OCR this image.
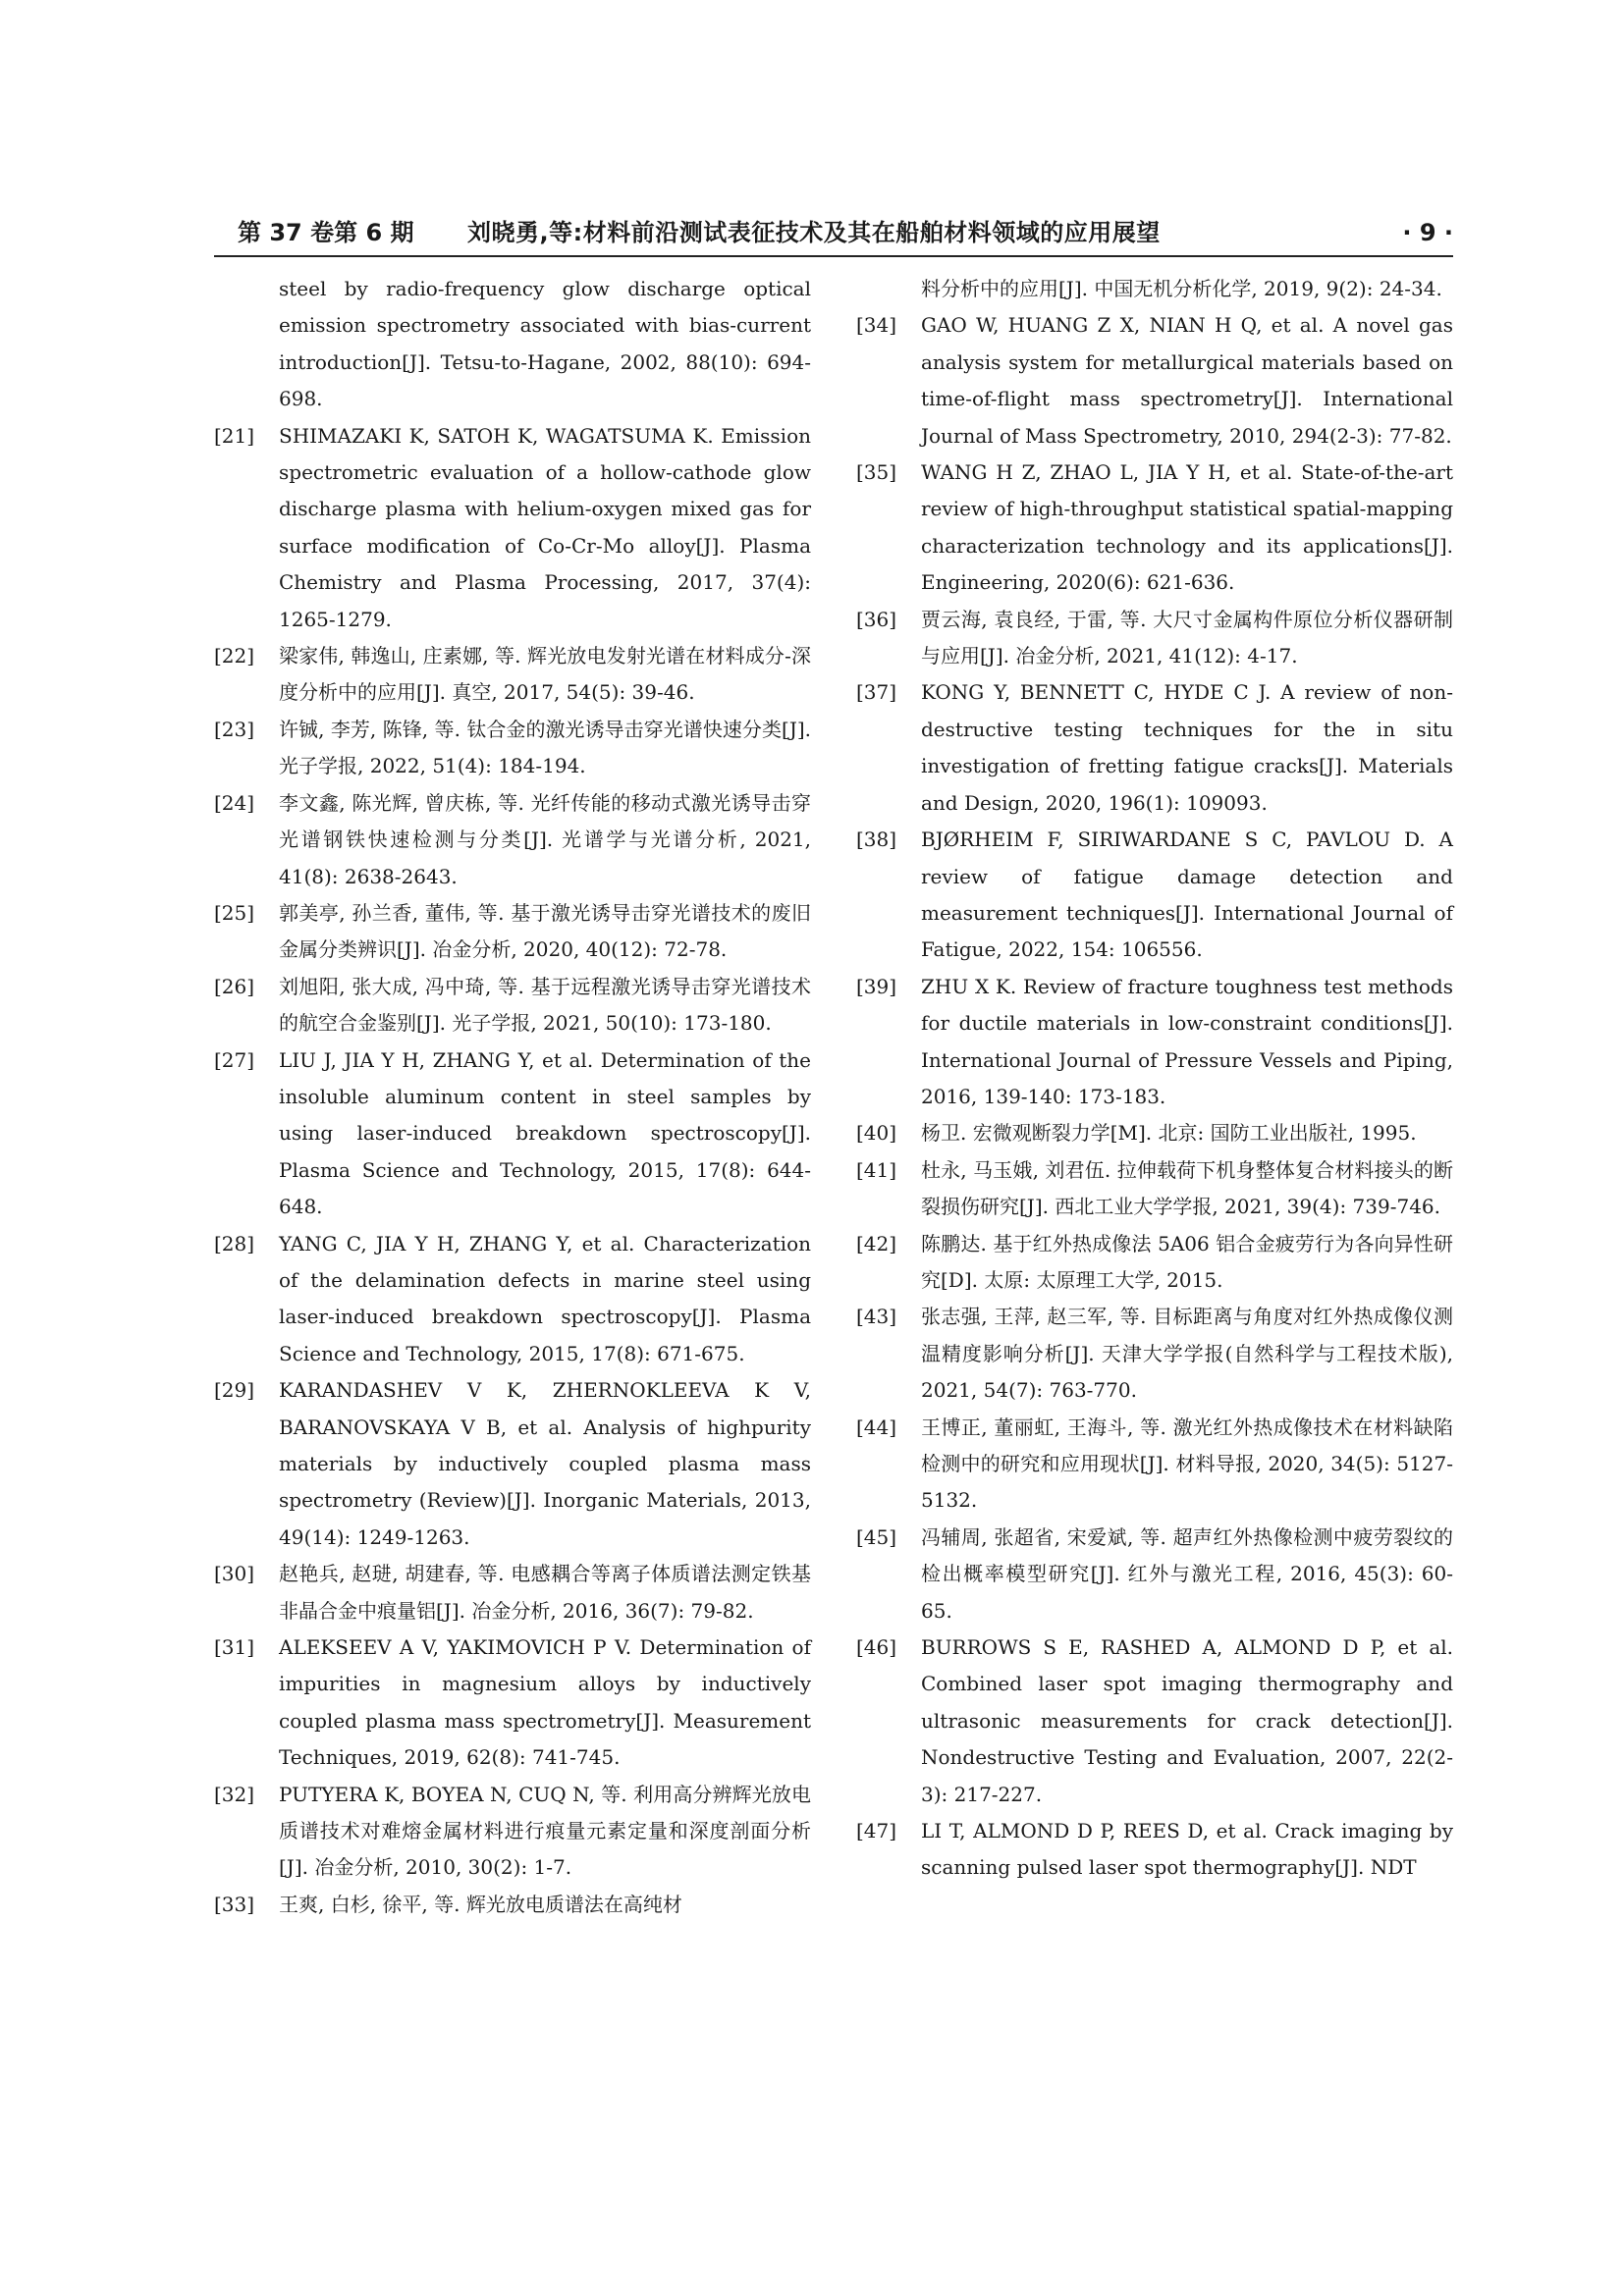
第 37 卷第 6 期 刘晓勇,等:材料前沿测试表征技术及其在船舶材料领域的应用展望	· 9 ·
steel by radio-frequency glow discharge optical emission spectrometry associated with bias-current introduction[J]. Tetsu-to-Hagane, 2002, 88(10): 694-698.
[21] SHIMAZAKI K, SATOH K, WAGATSUMA K. Emission spectrometric evaluation of a hollow-cathode glow discharge plasma with helium-oxygen mixed gas for surface modification of Co-Cr-Mo alloy[J]. Plasma Chemistry and Plasma Processing, 2017, 37(4): 1265-1279.
[22] 梁家伟, 韩逸山, 庄素娜, 等. 辉光放电发射光谱在材料成分-深度分析中的应用[J]. 真空, 2017, 54(5): 39-46.
[23] 许铖, 李芳, 陈锋, 等. 钛合金的激光诱导击穿光谱快速分类[J]. 光子学报, 2022, 51(4): 184-194.
[24] 李文鑫, 陈光辉, 曾庆栋, 等. 光纤传能的移动式激光诱导击穿光谱钢铁快速检测与分类[J]. 光谱学与光谱分析, 2021, 41(8): 2638-2643.
[25] 郭美亭, 孙兰香, 董伟, 等. 基于激光诱导击穿光谱技术的废旧金属分类辨识[J]. 冶金分析, 2020, 40(12): 72-78.
[26] 刘旭阳, 张大成, 冯中琦, 等. 基于远程激光诱导击穿光谱技术的航空合金鉴别[J]. 光子学报, 2021, 50(10): 173-180.
[27] LIU J, JIA Y H, ZHANG Y, et al. Determination of the insoluble aluminum content in steel samples by using laser-induced breakdown spectroscopy[J]. Plasma Science and Technology, 2015, 17(8): 644-648.
[28] YANG C, JIA Y H, ZHANG Y, et al. Characterization of the delamination defects in marine steel using laser-induced breakdown spectroscopy[J]. Plasma Science and Technology, 2015, 17(8): 671-675.
[29] KARANDASHEV V K, ZHERNOKLEEVA K V, BARANOVSKAYA V B, et al. Analysis of highpurity materials by inductively coupled plasma mass spectrometry (Review)[J]. Inorganic Materials, 2013, 49(14): 1249-1263.
[30] 赵艳兵, 赵琎, 胡建春, 等. 电感耦合等离子体质谱法测定铁基非晶合金中痕量铝[J]. 冶金分析, 2016, 36(7): 79-82.
[31] ALEKSEEV A V, YAKIMOVICH P V. Determination of impurities in magnesium alloys by inductively coupled plasma mass spectrometry[J]. Measurement Techniques, 2019, 62(8): 741-745.
[32] PUTYERA K, BOYEA N, CUQ N, 等. 利用高分辨辉光放电质谱技术对难熔金属材料进行痕量元素定量和深度剖面分析[J]. 冶金分析, 2010, 30(2): 1-7.
[33] 王爽, 白杉, 徐平, 等. 辉光放电质谱法在高纯材
料分析中的应用[J]. 中国无机分析化学, 2019, 9(2): 24-34.
[34] GAO W, HUANG Z X, NIAN H Q, et al. A novel gas analysis system for metallurgical materials based on time-of-flight mass spectrometry[J]. International Journal of Mass Spectrometry, 2010, 294(2-3): 77-82.
[35] WANG H Z, ZHAO L, JIA Y H, et al. State-of-the-art review of high-throughput statistical spatial-mapping characterization technology and its applications[J]. Engineering, 2020(6): 621-636.
[36] 贾云海, 袁良经, 于雷, 等. 大尺寸金属构件原位分析仪器研制与应用[J]. 冶金分析, 2021, 41(12): 4-17.
[37] KONG Y, BENNETT C, HYDE C J. A review of non-destructive testing techniques for the in situ investigation of fretting fatigue cracks[J]. Materials and Design, 2020, 196(1): 109093.
[38] BJØRHEIM F, SIRIWARDANE S C, PAVLOU D. A review of fatigue damage detection and measurement techniques[J]. International Journal of Fatigue, 2022, 154: 106556.
[39] ZHU X K. Review of fracture toughness test methods for ductile materials in low-constraint conditions[J]. International Journal of Pressure Vessels and Piping, 2016, 139-140: 173-183.
[40] 杨卫. 宏微观断裂力学[M]. 北京: 国防工业出版社, 1995.
[41] 杜永, 马玉娥, 刘君伍. 拉伸载荷下机身整体复合材料接头的断裂损伤研究[J]. 西北工业大学学报, 2021, 39(4): 739-746.
[42] 陈鹏达. 基于红外热成像法 5A06 铝合金疲劳行为各向异性研究[D]. 太原: 太原理工大学, 2015.
[43] 张志强, 王萍, 赵三军, 等. 目标距离与角度对红外热成像仪测温精度影响分析[J]. 天津大学学报(自然科学与工程技术版), 2021, 54(7): 763-770.
[44] 王博正, 董丽虹, 王海斗, 等. 激光红外热成像技术在材料缺陷检测中的研究和应用现状[J]. 材料导报, 2020, 34(5): 5127-5132.
[45] 冯辅周, 张超省, 宋爱斌, 等. 超声红外热像检测中疲劳裂纹的检出概率模型研究[J]. 红外与激光工程, 2016, 45(3): 60-65.
[46] BURROWS S E, RASHED A, ALMOND D P, et al. Combined laser spot imaging thermography and ultrasonic measurements for crack detection[J]. Nondestructive Testing and Evaluation, 2007, 22(2-3): 217-227.
[47] LI T, ALMOND D P, REES D, et al. Crack imaging by scanning pulsed laser spot thermography[J]. NDT
